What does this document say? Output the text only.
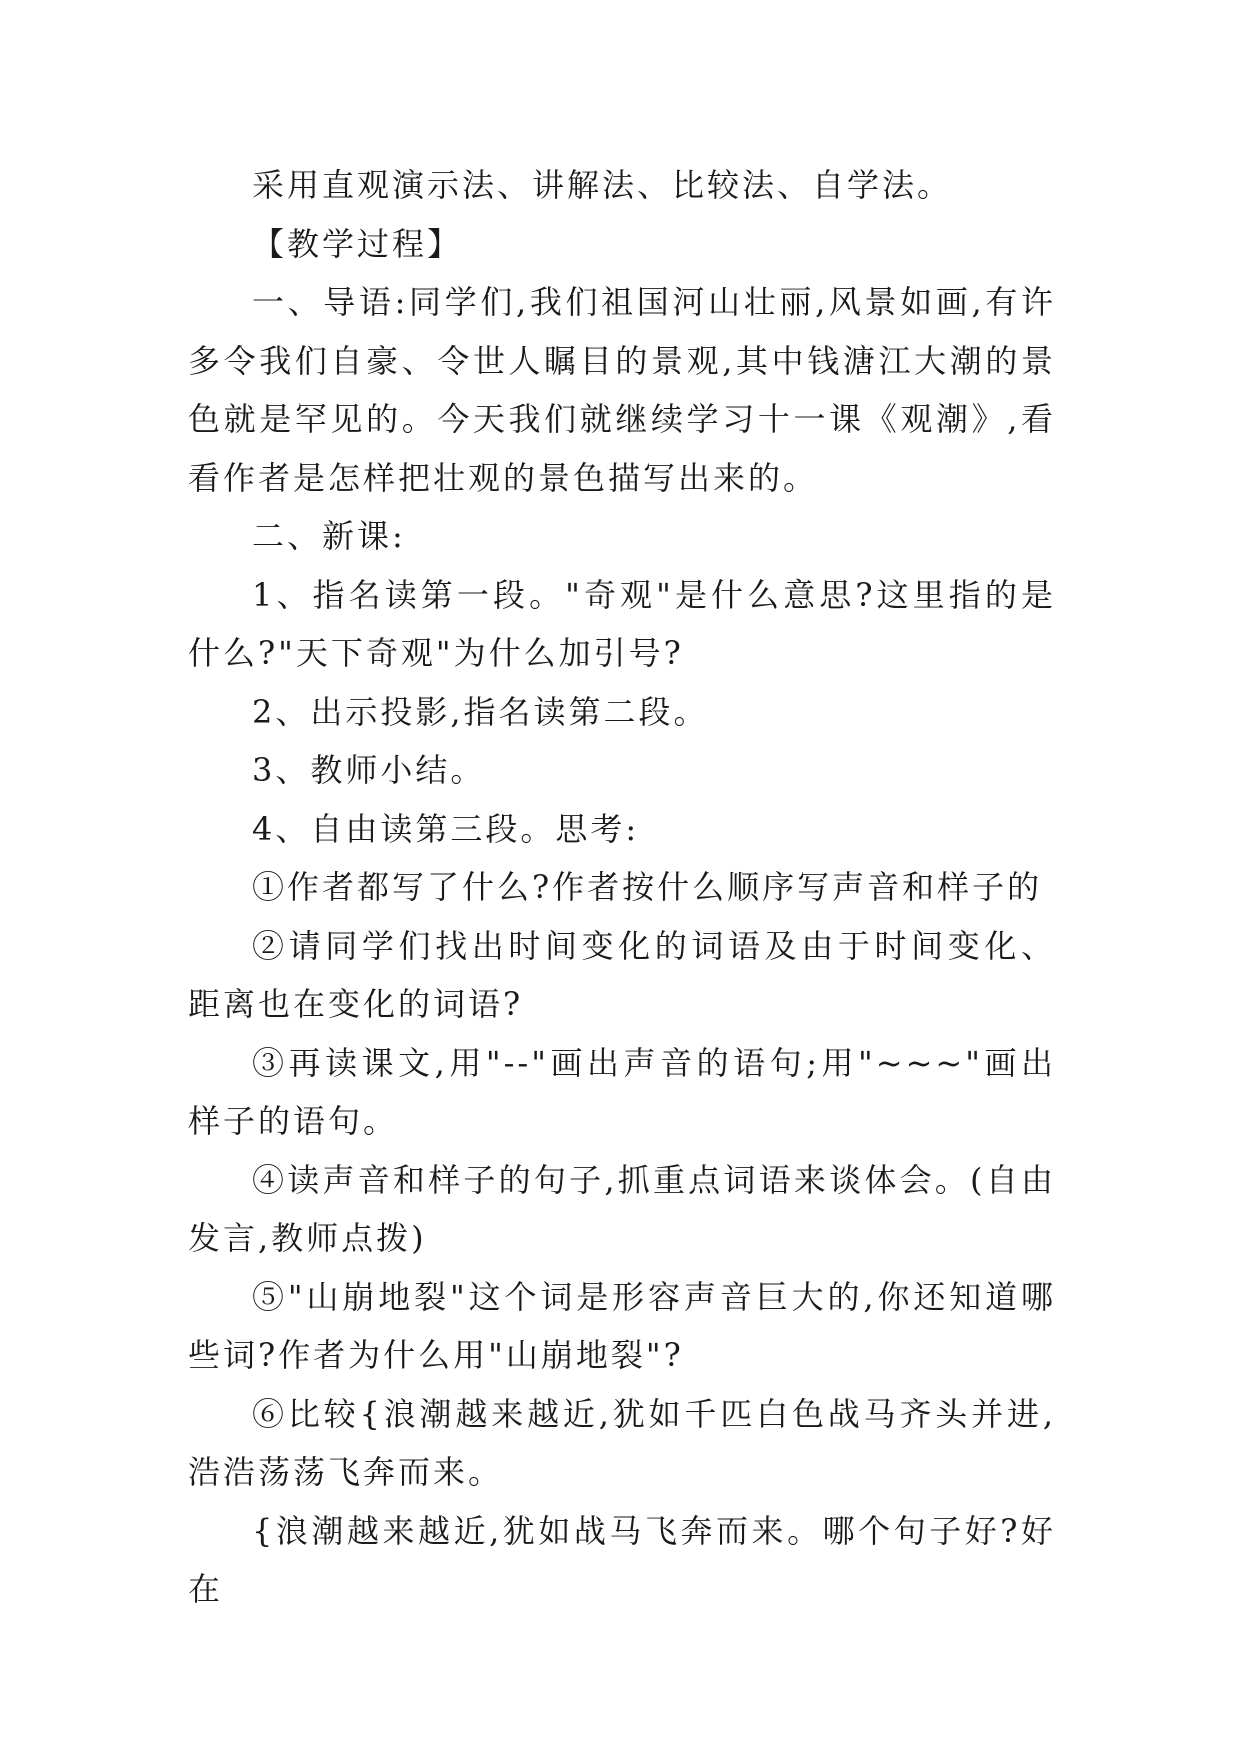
采用直观演示法、讲解法、比较法、自学法。

【教学过程】

一、导语:同学们,我们祖国河山壮丽,风景如画,有许多令我们自豪、令世人瞩目的景观,其中钱溏江大潮的景色就是罕见的。今天我们就继续学习十一课《观潮》,看看作者是怎样把壮观的景色描写出来的。

二、新课:

1、指名读第一段。"奇观"是什么意思?这里指的是什么?"天下奇观"为什么加引号?

2、出示投影,指名读第二段。

3、教师小结。

4、自由读第三段。思考:

①作者都写了什么?作者按什么顺序写声音和样子的

②请同学们找出时间变化的词语及由于时间变化、距离也在变化的词语?

③再读课文,用"--"画出声音的语句;用"~~~"画出样子的语句。

④读声音和样子的句子,抓重点词语来谈体会。(自由发言,教师点拨)

⑤"山崩地裂"这个词是形容声音巨大的,你还知道哪些词?作者为什么用"山崩地裂"?

⑥比较{浪潮越来越近,犹如千匹白色战马齐头并进,浩浩荡荡飞奔而来。

{浪潮越来越近,犹如战马飞奔而来。哪个句子好?好在
